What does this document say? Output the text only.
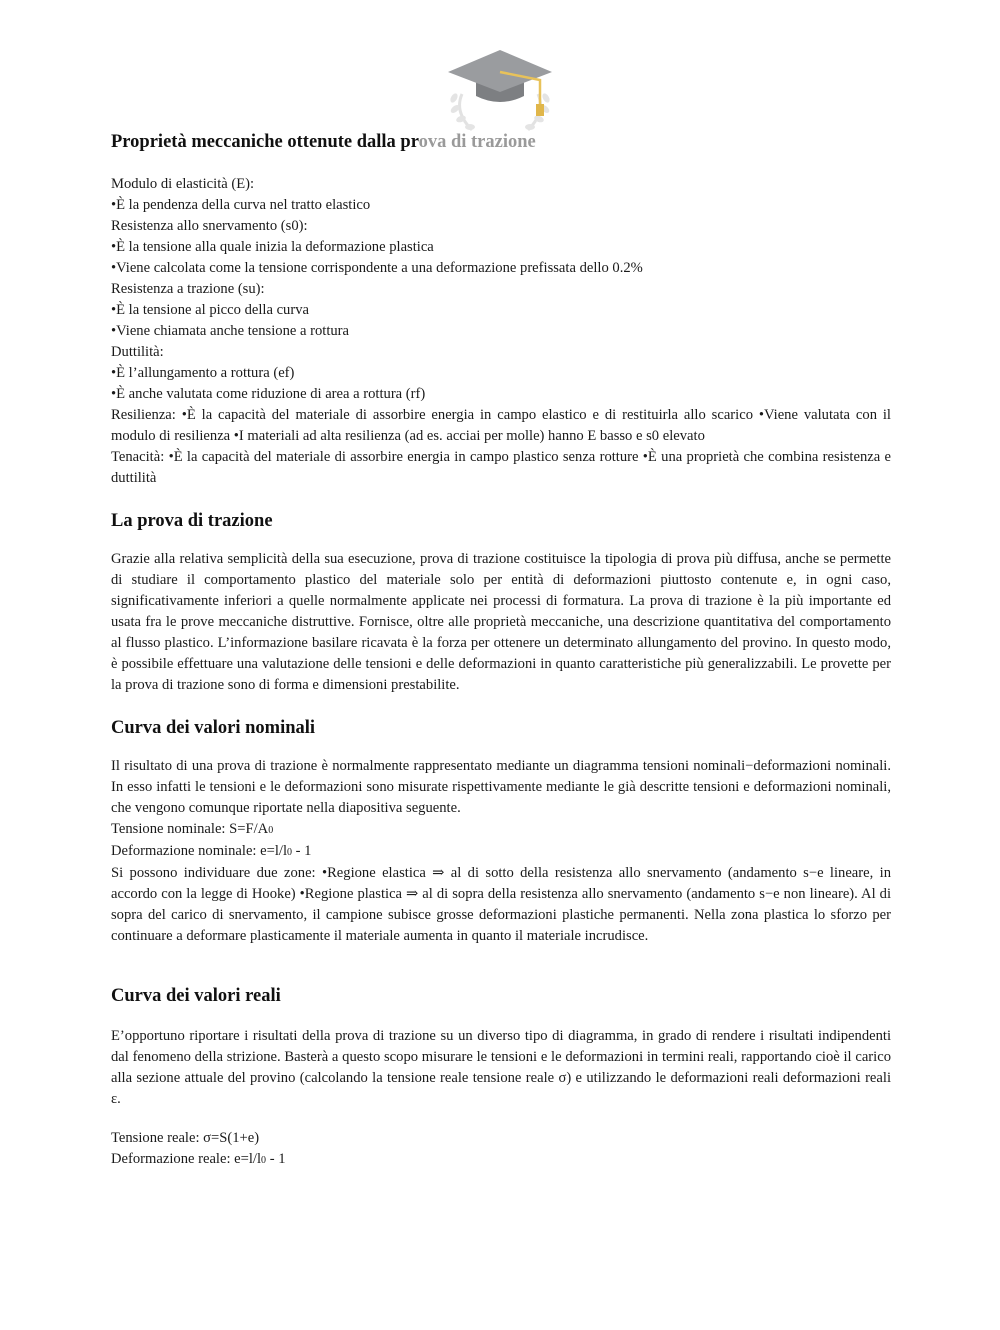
Proprietà meccaniche ottenute dalla prova di trazione
Modulo di elasticità (E):
•È la pendenza della curva nel tratto elastico
Resistenza allo snervamento (s0):
•È la tensione alla quale inizia la deformazione plastica
•Viene calcolata come la tensione corrispondente a una deformazione prefissata dello 0.2%
Resistenza a trazione (su):
•È la tensione al picco della curva
•Viene chiamata anche tensione a rottura
Duttilità:
•È l’allungamento a rottura (ef)
•È anche valutata come riduzione di area a rottura (rf)

Resilienza: •È la capacità del materiale di assorbire energia in campo elastico e di restituirla allo scarico •Viene valutata con il modulo di resilienza •I materiali ad alta resilienza (ad es. acciai per molle) hanno E basso e s0 elevato

Tenacità: •È la capacità del materiale di assorbire energia in campo plastico senza rotture •È una proprietà che combina resistenza e duttilità

La prova di trazione

Grazie alla relativa semplicità della sua esecuzione, prova di trazione costituisce la tipologia di prova più diffusa, anche se permette di studiare il comportamento plastico del materiale solo per entità di deformazioni piuttosto contenute e, in ogni caso, significativamente inferiori a quelle normalmente applicate nei processi di formatura. La prova di trazione è la più importante ed usata fra le prove meccaniche distruttive. Fornisce, oltre alle proprietà meccaniche, una descrizione quantitativa del comportamento al flusso plastico. L’informazione basilare ricavata è la forza per ottenere un determinato allungamento del provino. In questo modo, è possibile effettuare una valutazione delle tensioni e delle deformazioni in quanto caratteristiche più generalizzabili. Le provette per la prova di trazione sono di forma e dimensioni prestabilite.

Curva dei valori nominali

Il risultato di una prova di trazione è normalmente rappresentato mediante un diagramma tensioni nominali−deformazioni nominali. In esso infatti le tensioni e le deformazioni sono misurate rispettivamente mediante le già descritte tensioni e deformazioni nominali, che vengono comunque riportate nella diapositiva seguente.

Tensione nominale: S=F/A0
Deformazione nominale: e=l/l0 - 1

Si possono individuare due zone: •Regione elastica ⇒ al di sotto della resistenza allo snervamento (andamento s−e lineare, in accordo con la legge di Hooke) •Regione plastica ⇒ al di sopra della resistenza allo snervamento (andamento s−e non lineare). Al di sopra del carico di snervamento, il campione subisce grosse deformazioni plastiche permanenti. Nella zona plastica lo sforzo per continuare a deformare plasticamente il materiale aumenta in quanto il materiale incrudisce.

Curva dei valori reali

E’opportuno riportare i risultati della prova di trazione su un diverso tipo di diagramma, in grado di rendere i risultati indipendenti dal fenomeno della strizione. Basterà a questo scopo misurare le tensioni e le deformazioni in termini reali, rapportando cioè il carico alla sezione attuale del provino (calcolando la tensione reale tensione reale σ) e utilizzando le deformazioni reali deformazioni reali ε.

Tensione reale: σ=S(1+e)
Deformazione reale: e=l/l0 - 1
